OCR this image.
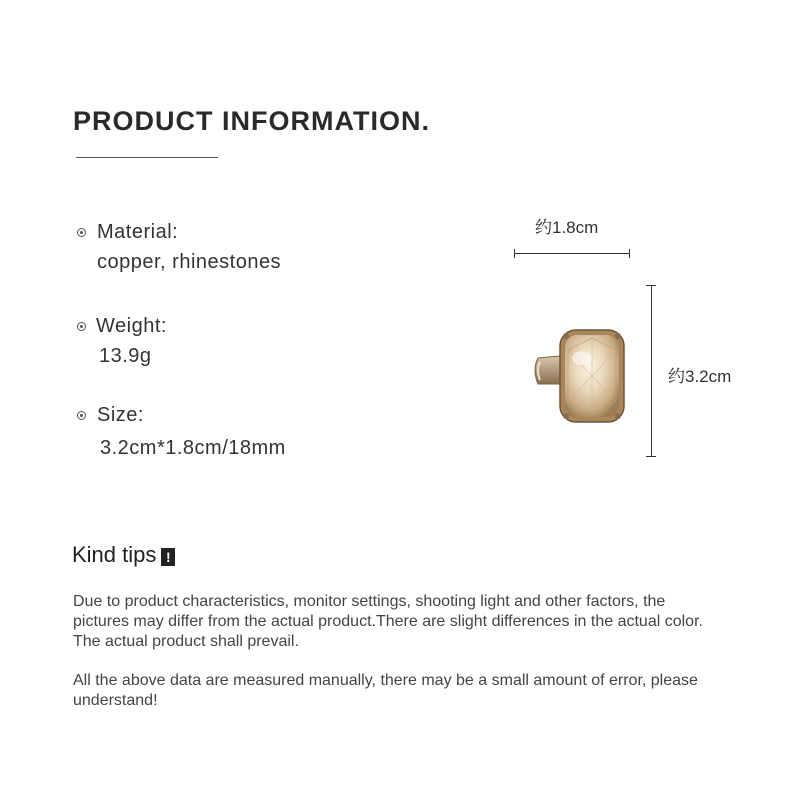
PRODUCT INFORMATION.
Material:
copper, rhinestones
Weight:
13.9g
Size:
3.2cm*1.8cm/18mm
约1.8cm
约3.2cm
Kind tips !
Due to product characteristics, monitor settings, shooting light and other factors, the pictures may differ from the actual product.There are slight differences in the actual color. The actual product shall prevail.
All the above data are measured manually, there may be a small amount of error, please understand!
